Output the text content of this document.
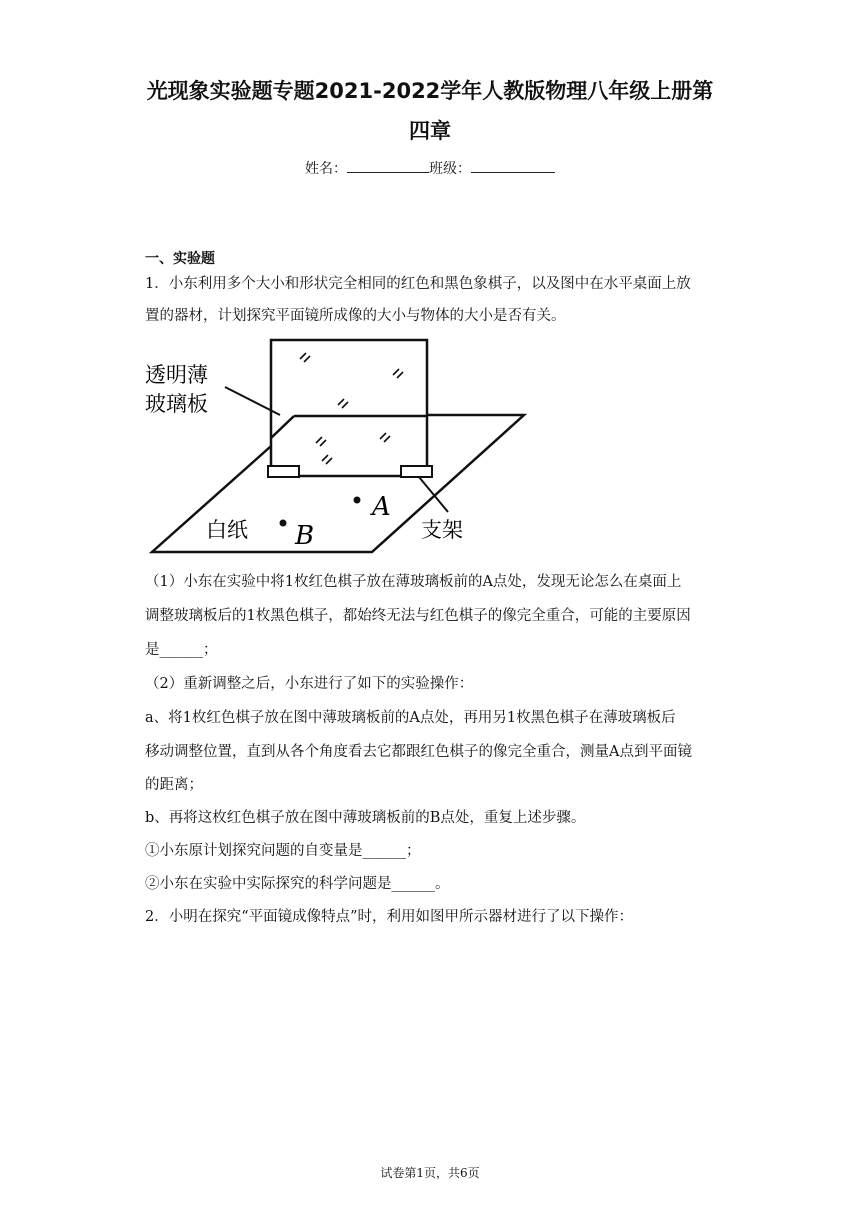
光现象实验题专题2021-2022学年人教版物理八年级上册第
四章
姓名：	班级：
一、实验题
1．小东利用多个大小和形状完全相同的红色和黑色象棋子，以及图中在水平桌面上放
置的器材，计划探究平面镜所成像的大小与物体的大小是否有关。
透明薄
玻璃板
白纸	支架
A
B
（1）小东在实验中将1枚红色棋子放在薄玻璃板前的A点处，发现无论怎么在桌面上
调整玻璃板后的1枚黑色棋子，都始终无法与红色棋子的像完全重合，可能的主要原因
是______；
（2）重新调整之后，小东进行了如下的实验操作：
a、将1枚红色棋子放在图中薄玻璃板前的A点处，再用另1枚黑色棋子在薄玻璃板后
移动调整位置，直到从各个角度看去它都跟红色棋子的像完全重合，测量A点到平面镜
的距离；
b、再将这枚红色棋子放在图中薄玻璃板前的B点处，重复上述步骤。
①小东原计划探究问题的自变量是______；
②小东在实验中实际探究的科学问题是______。
2．小明在探究“平面镜成像特点”时，利用如图甲所示器材进行了以下操作：
试卷第1页，共6页
